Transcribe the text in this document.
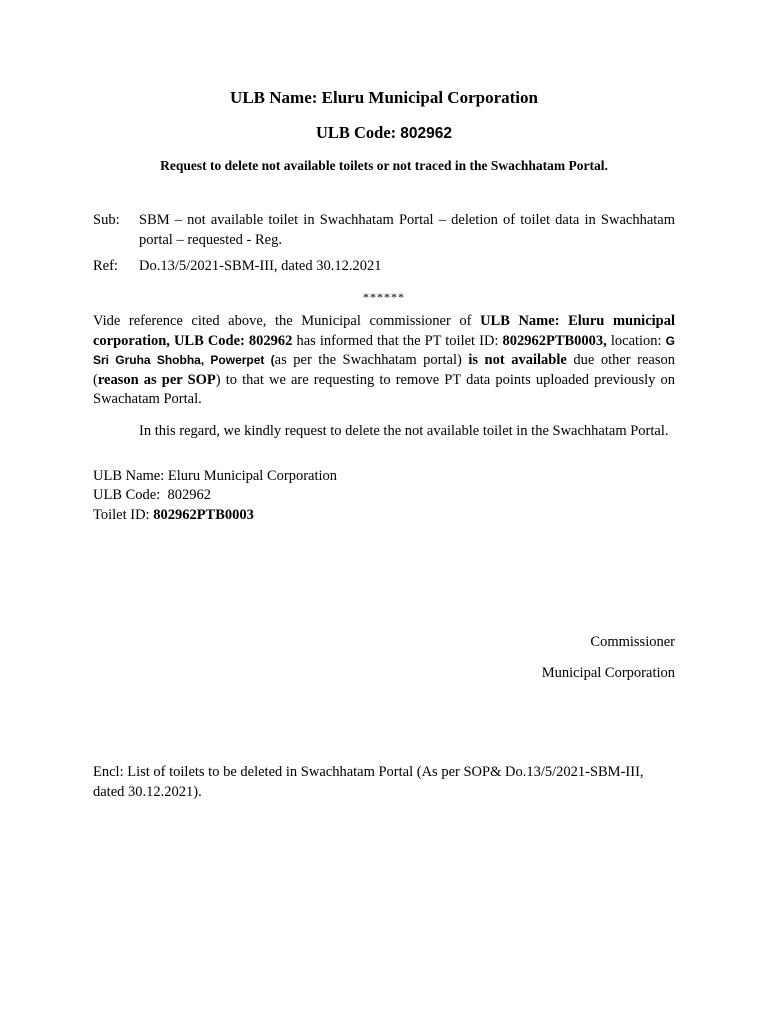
ULB Name: Eluru Municipal Corporation
ULB Code: 802962
Request to delete not available toilets or not traced in the Swachhatam Portal.
Sub: SBM – not available toilet in Swachhatam Portal – deletion of toilet data in Swachhatam portal – requested - Reg.
Ref: Do.13/5/2021-SBM-III, dated 30.12.2021
******
Vide reference cited above, the Municipal commissioner of ULB Name: Eluru municipal corporation, ULB Code: 802962 has informed that the PT toilet ID: 802962PTB0003, location: G Sri Gruha Shobha, Powerpet (as per the Swachhatam portal) is not available due other reason (reason as per SOP) to that we are requesting to remove PT data points uploaded previously on Swachatam Portal.
In this regard, we kindly request to delete the not available toilet in the Swachhatam Portal.
ULB Name: Eluru Municipal Corporation
ULB Code:  802962
Toilet ID: 802962PTB0003
Commissioner
Municipal Corporation
Encl: List of toilets to be deleted in Swachhatam Portal (As per SOP& Do.13/5/2021-SBM-III, dated 30.12.2021).
